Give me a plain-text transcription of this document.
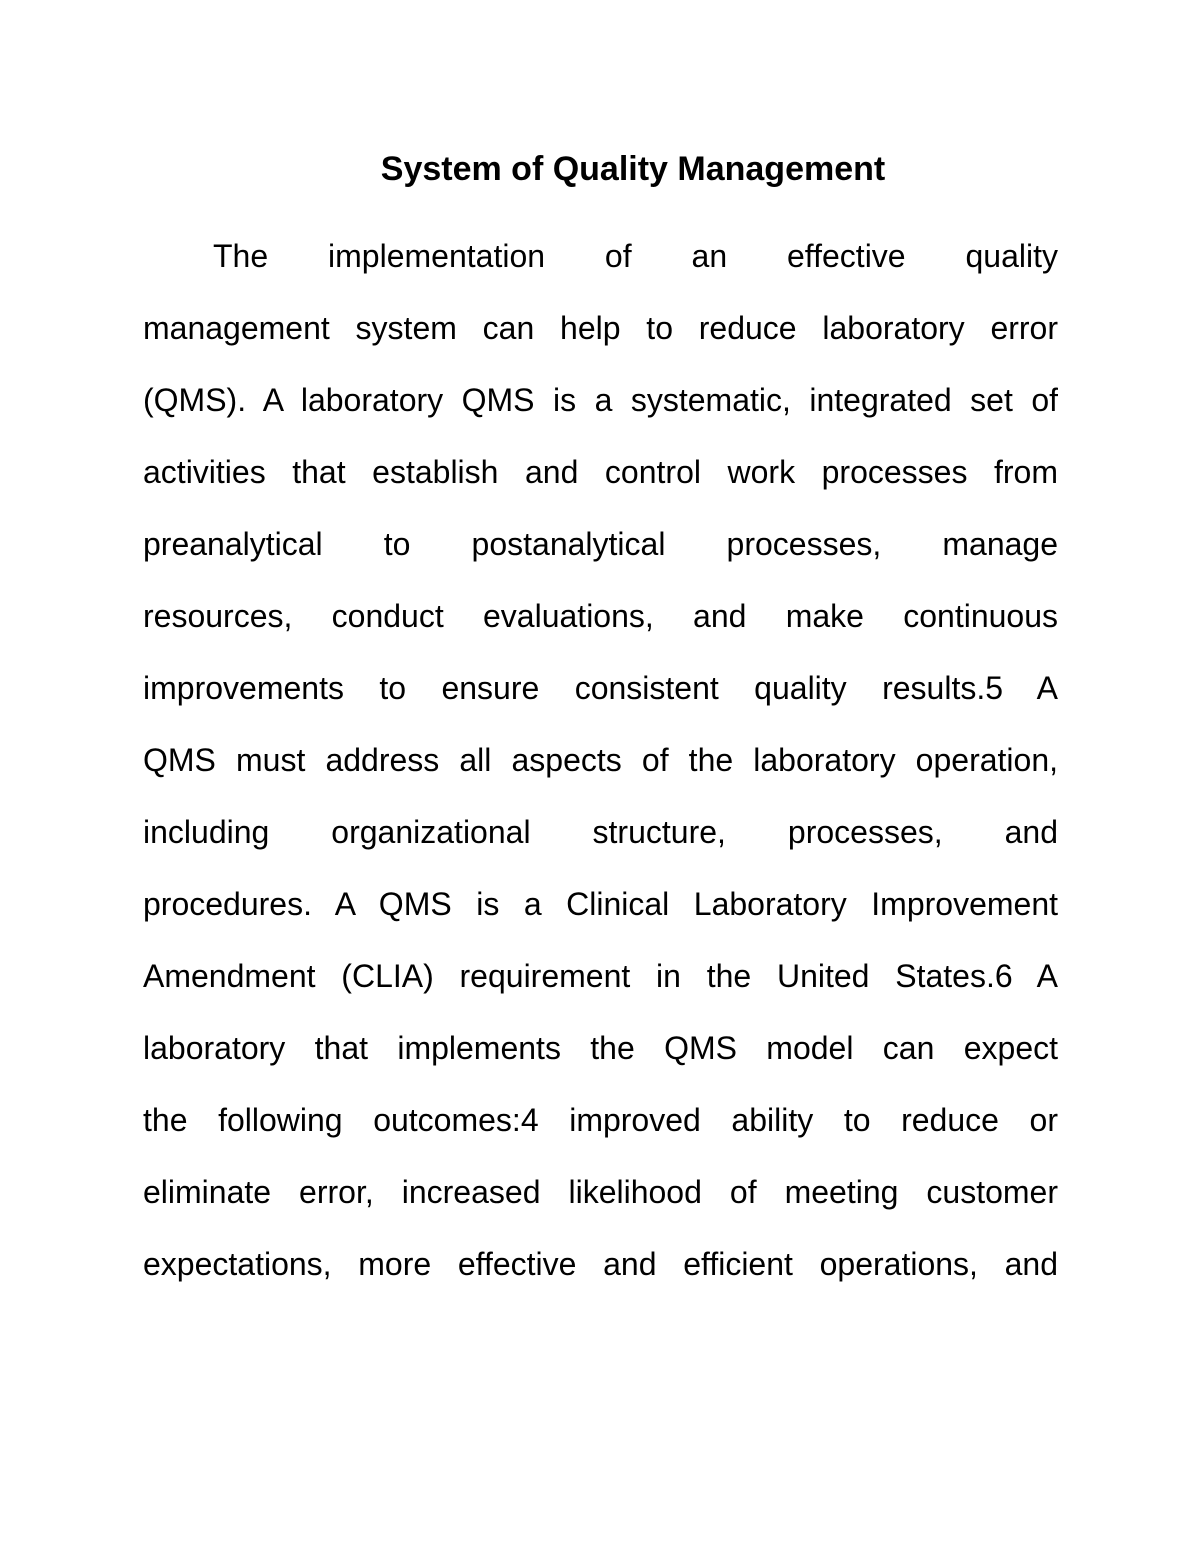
System of Quality Management
The implementation of an effective quality
management system can help to reduce laboratory error
(QMS). A laboratory QMS is a systematic, integrated set of
activities that establish and control work processes from
preanalytical to postanalytical processes, manage
resources, conduct evaluations, and make continuous
improvements to ensure consistent quality results.5 A
QMS must address all aspects of the laboratory operation,
including organizational structure, processes, and
procedures. A QMS is a Clinical Laboratory Improvement
Amendment (CLIA) requirement in the United States.6 A
laboratory that implements the QMS model can expect
the following outcomes:4 improved ability to reduce or
eliminate error, increased likelihood of meeting customer
expectations, more effective and efficient operations, and
